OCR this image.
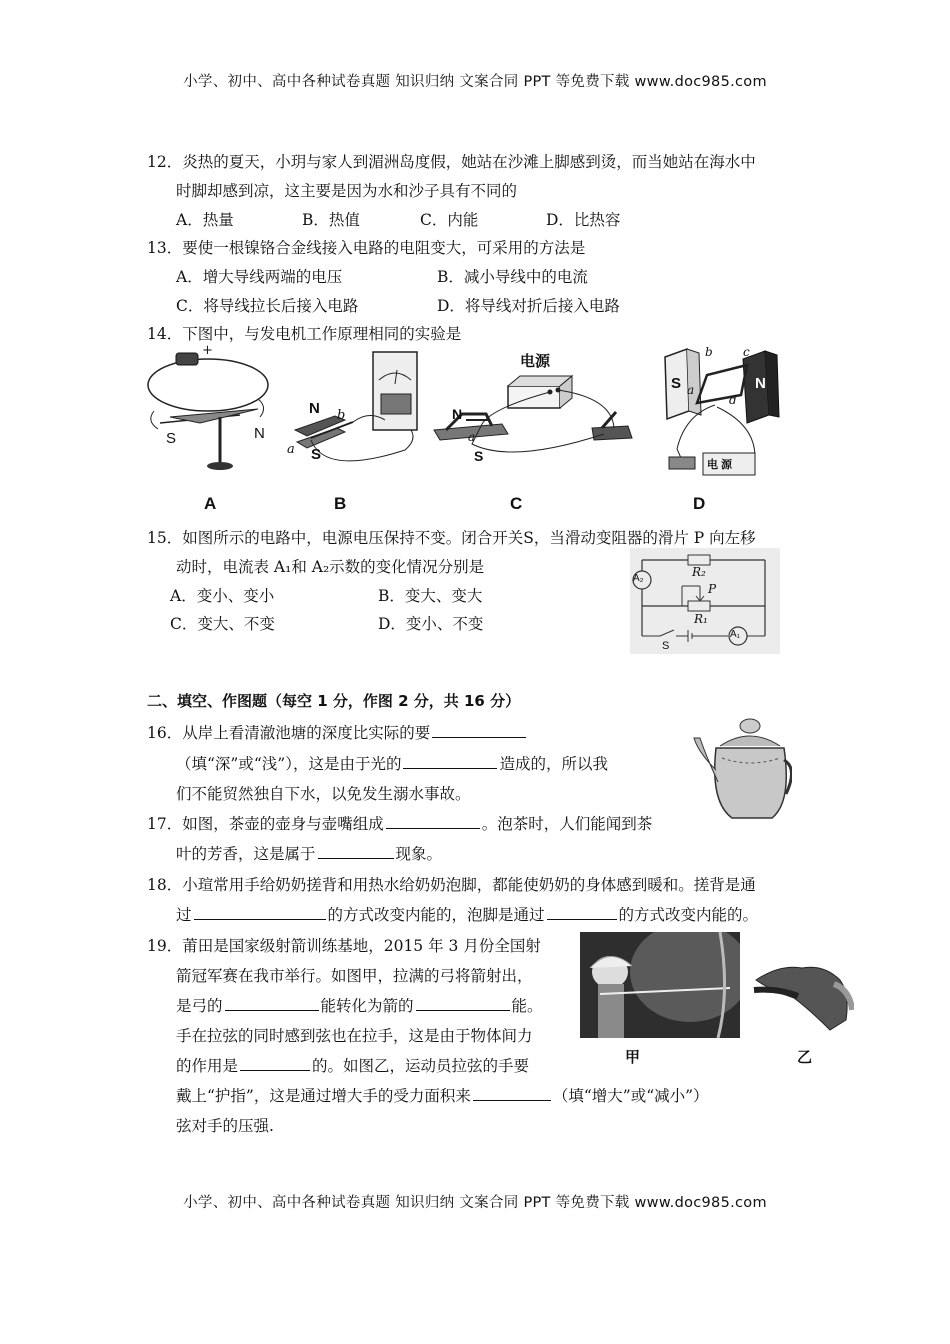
小学、初中、高中各种试卷真题 知识归纳 文案合同 PPT 等免费下载 www.doc985.com
12．炎热的夏天，小玥与家人到湄洲岛度假，她站在沙滩上脚感到烫，而当她站在海水中
时脚却感到凉，这主要是因为水和沙子具有不同的
A．热量	B．热值	C．内能	D．比热容
13．要使一根镍铬合金线接入电路的电阻变大，可采用的方法是
A．增大导线两端的电压	B．减小导线中的电流
C．将导线拉长后接入电路	D．将导线对折后接入电路
14．下图中，与发电机工作原理相同的实验是
+
S	N
A
N b
a S
B
电源
N
a
S
C
S a
b	c
d
N
电 源
D
15．如图所示的电路中，电源电压保持不变。闭合开关S，当滑动变阻器的滑片 P 向左移
动时，电流表 A₁和 A₂示数的变化情况分别是
A．变小、变小	B．变大、变大
C．变大、不变	D．变小、不变
A₂	R₂
P
R₁
A₁
S
二、填空、作图题（每空 1 分，作图 2 分，共 16 分）
16．从岸上看清澈池塘的深度比实际的要
（填“深”或“浅”），这是由于光的	造成的，所以我
们不能贸然独自下水，以免发生溺水事故。
17．如图，茶壶的壶身与壶嘴组成	。泡茶时，人们能闻到茶
叶的芳香，这是属于	现象。
18．小瑄常用手给奶奶搓背和用热水给奶奶泡脚，都能使奶奶的身体感到暖和。搓背是通
过	的方式改变内能的，泡脚是通过	的方式改变内能的。
19．莆田是国家级射箭训练基地，2015 年 3 月份全国射
箭冠军赛在我市举行。如图甲，拉满的弓将箭射出，
是弓的	能转化为箭的	能。
手在拉弦的同时感到弦也在拉手，这是由于物体间力
的作用是	的。如图乙，运动员拉弦的手要
戴上“护指”，这是通过增大手的受力面积来	（填“增大”或“减小”）
弦对手的压强.
甲	乙
小学、初中、高中各种试卷真题 知识归纳 文案合同 PPT 等免费下载 www.doc985.com
